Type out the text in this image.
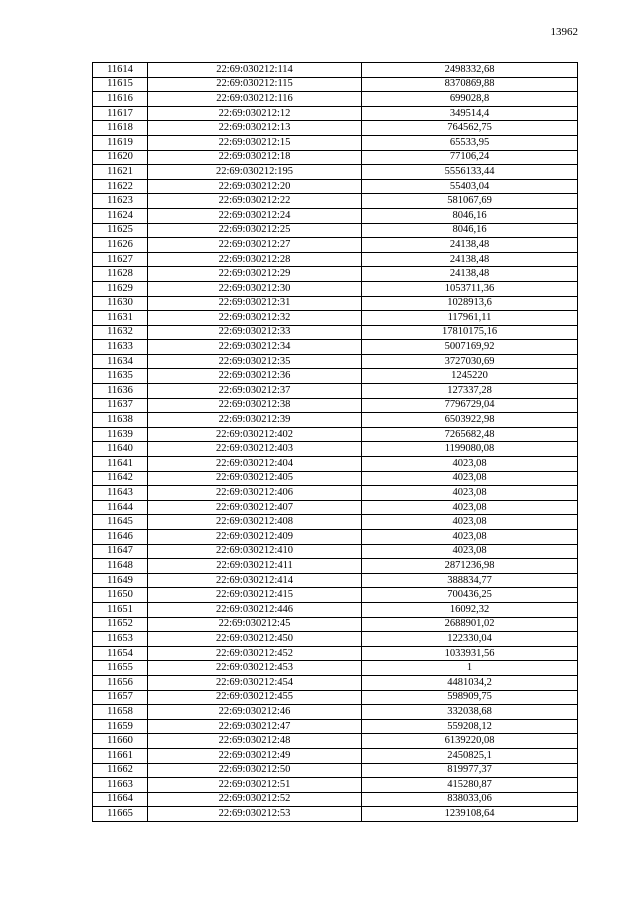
13962
11614	22:69:030212:114	2498332,68
11615	22:69:030212:115	8370869,88
11616	22:69:030212:116	699028,8
11617	22:69:030212:12	349514,4
11618	22:69:030212:13	764562,75
11619	22:69:030212:15	65533,95
11620	22:69:030212:18	77106,24
11621	22:69:030212:195	5556133,44
11622	22:69:030212:20	55403,04
11623	22:69:030212:22	581067,69
11624	22:69:030212:24	8046,16
11625	22:69:030212:25	8046,16
11626	22:69:030212:27	24138,48
11627	22:69:030212:28	24138,48
11628	22:69:030212:29	24138,48
11629	22:69:030212:30	1053711,36
11630	22:69:030212:31	1028913,6
11631	22:69:030212:32	117961,11
11632	22:69:030212:33	17810175,16
11633	22:69:030212:34	5007169,92
11634	22:69:030212:35	3727030,69
11635	22:69:030212:36	1245220
11636	22:69:030212:37	127337,28
11637	22:69:030212:38	7796729,04
11638	22:69:030212:39	6503922,98
11639	22:69:030212:402	7265682,48
11640	22:69:030212:403	1199080,08
11641	22:69:030212:404	4023,08
11642	22:69:030212:405	4023,08
11643	22:69:030212:406	4023,08
11644	22:69:030212:407	4023,08
11645	22:69:030212:408	4023,08
11646	22:69:030212:409	4023,08
11647	22:69:030212:410	4023,08
11648	22:69:030212:411	2871236,98
11649	22:69:030212:414	388834,77
11650	22:69:030212:415	700436,25
11651	22:69:030212:446	16092,32
11652	22:69:030212:45	2688901,02
11653	22:69:030212:450	122330,04
11654	22:69:030212:452	1033931,56
11655	22:69:030212:453	1
11656	22:69:030212:454	4481034,2
11657	22:69:030212:455	598909,75
11658	22:69:030212:46	332038,68
11659	22:69:030212:47	559208,12
11660	22:69:030212:48	6139220,08
11661	22:69:030212:49	2450825,1
11662	22:69:030212:50	819977,37
11663	22:69:030212:51	415280,87
11664	22:69:030212:52	838033,06
11665	22:69:030212:53	1239108,64
